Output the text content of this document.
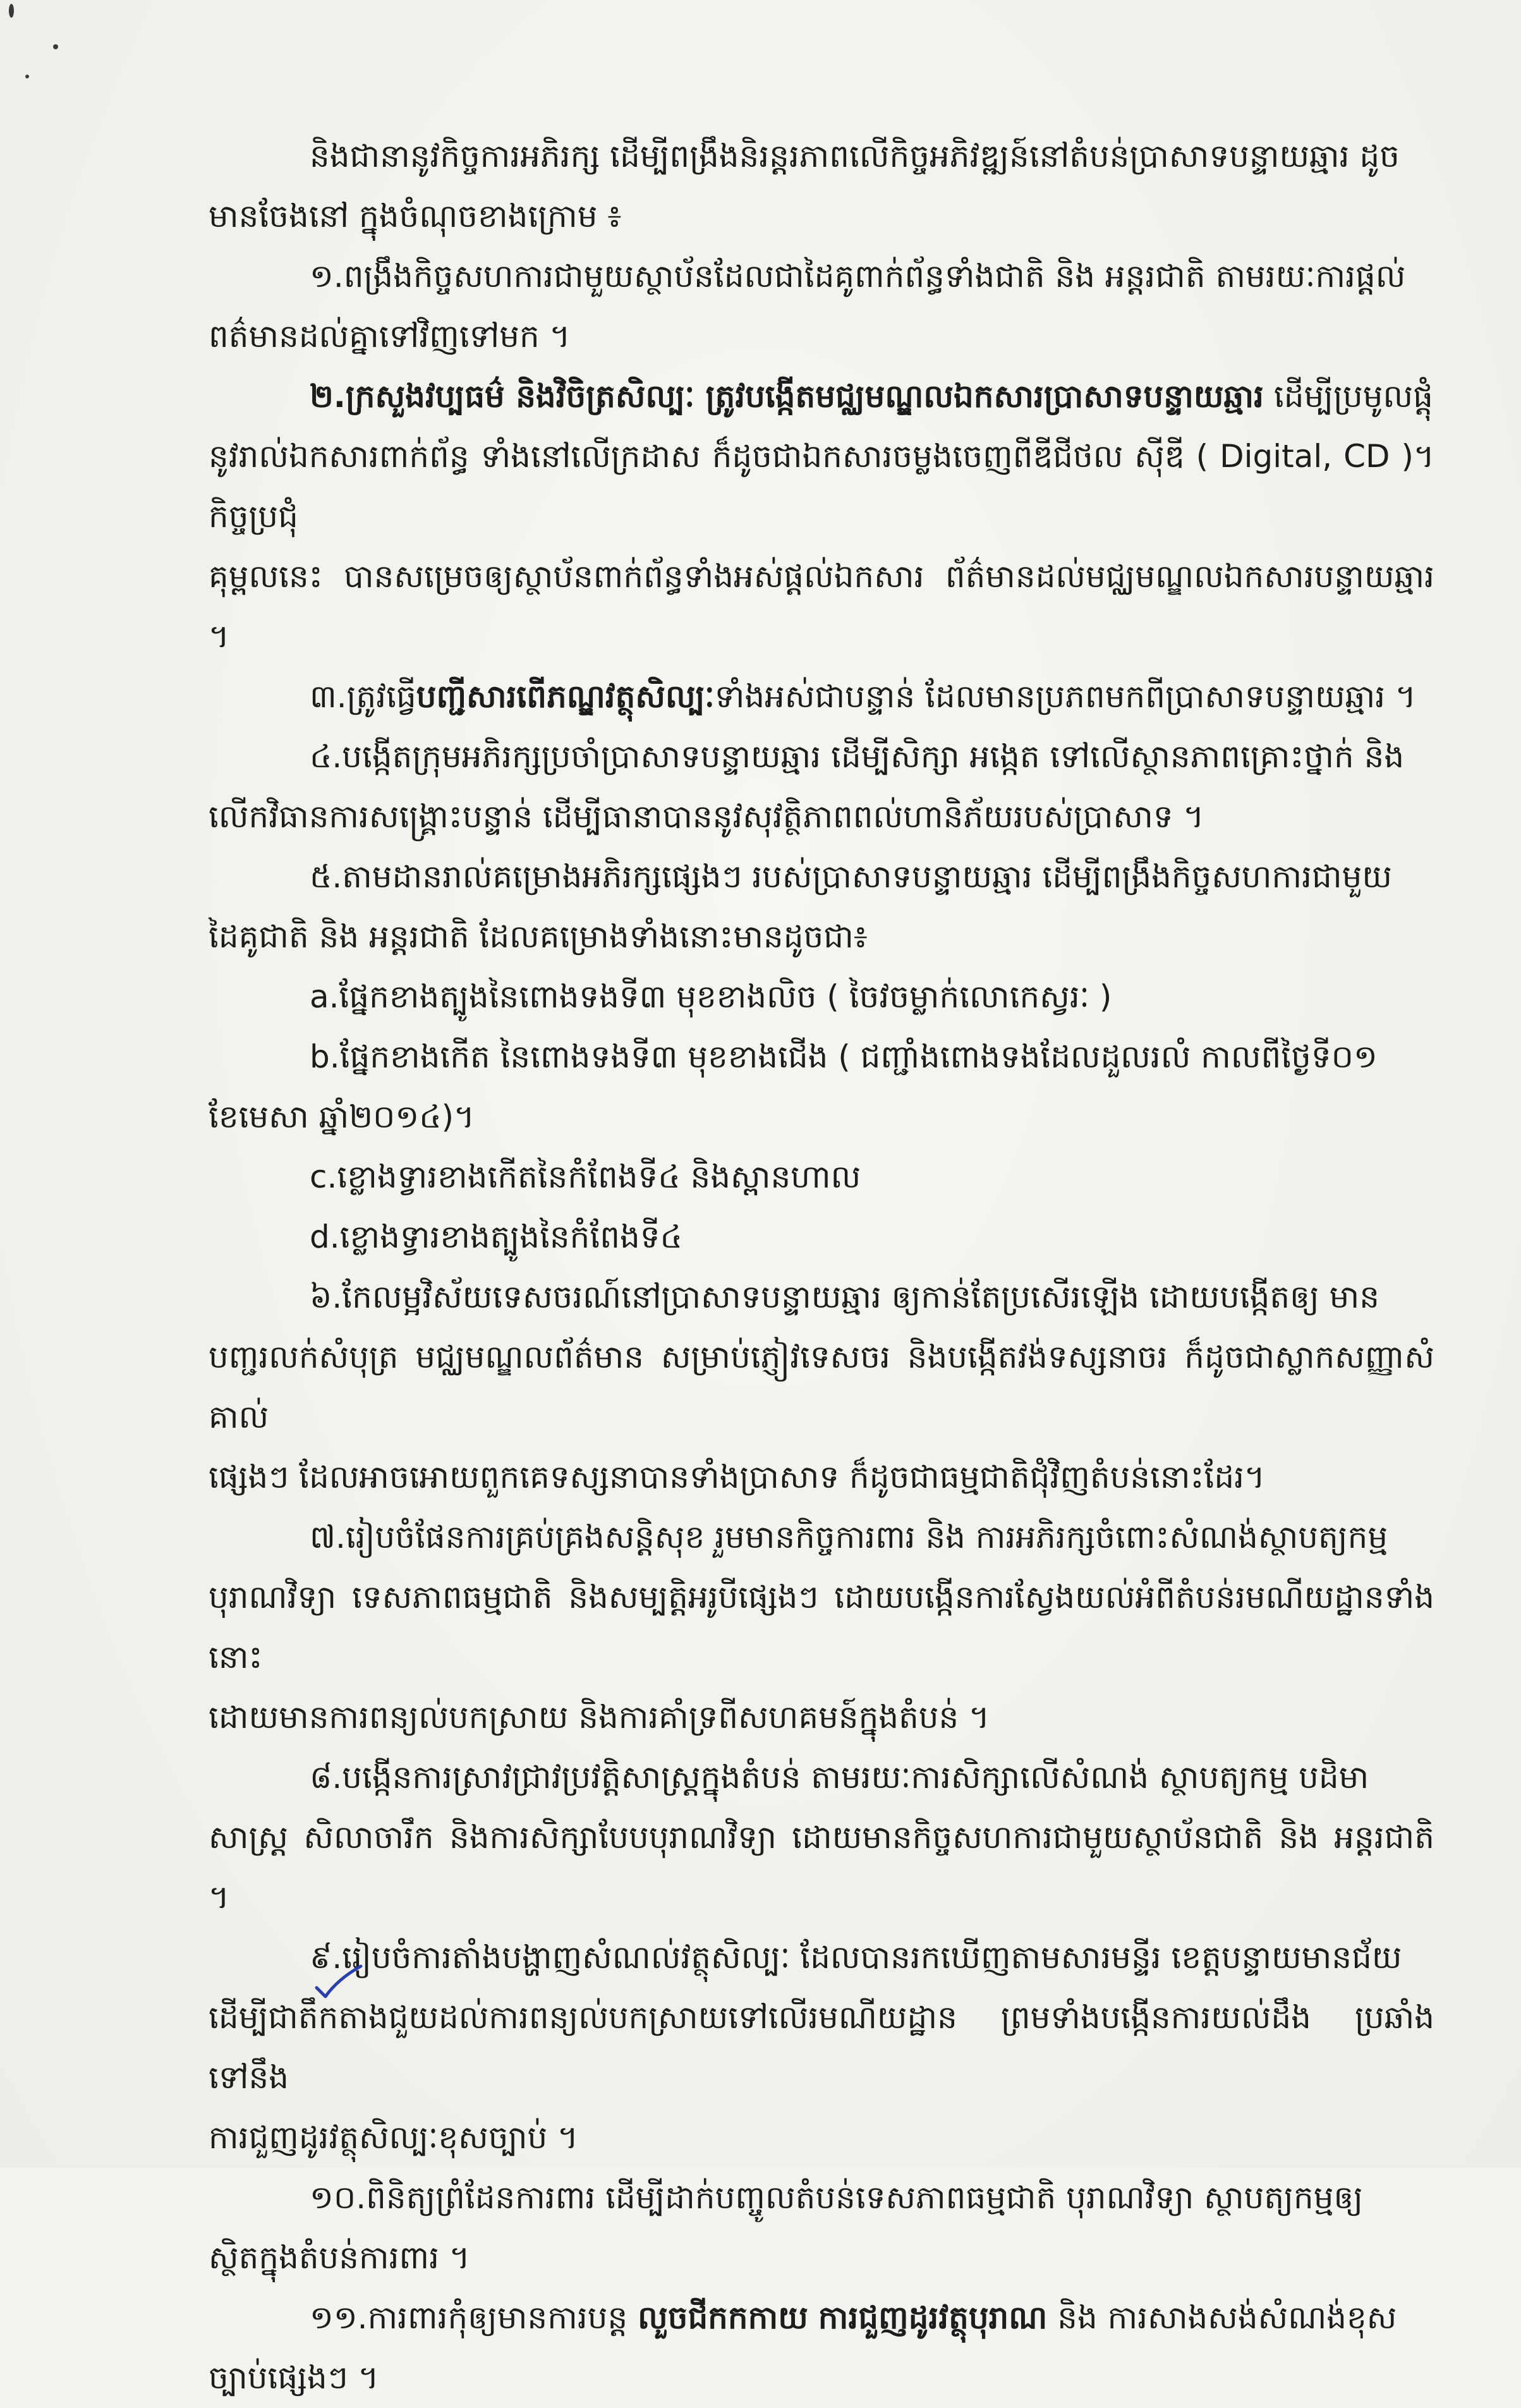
និងជានានូវកិច្ចការអភិរក្ស ដើម្បីពង្រឹងនិរន្តរភាពលើកិច្ចអភិវឌ្ឍន៍នៅតំបន់ប្រាសាទបន្ទាយឆ្មារ ដូច
មានចែងនៅ ក្នុងចំណុចខាងក្រោម ៖

១.ពង្រឹងកិច្ចសហការជាមួយស្ថាប័នដែលជាដៃគូពាក់ព័ន្ធទាំងជាតិ និង អន្តរជាតិ តាមរយៈការផ្តល់
ពត៌មានដល់គ្នាទៅវិញទៅមក ។

២.ក្រសួងវប្បធម៌ និងវិចិត្រសិល្បៈ ត្រូវបង្កើតមជ្ឈមណ្ឌលឯកសារប្រាសាទបន្ទាយឆ្មារ ដើម្បីប្រមូលផ្តុំ
នូវរាល់ឯកសារពាក់ព័ន្ធ ទាំងនៅលើក្រដាស ក៏ដូចជាឯកសារចម្លងចេញពីឌីជីថល ស៊ីឌី ( Digital, CD )។ កិច្ចប្រជុំ
គុម្ពលនេះ បានសម្រេចឲ្យស្ថាប័នពាក់ព័ន្ធទាំងអស់ផ្តល់ឯកសារ ព័ត៌មានដល់មជ្ឈមណ្ឌលឯកសារបន្ទាយឆ្មារ ។

៣.ត្រូវធ្វើបញ្ជីសារពើភណ្ឌវត្ថុសិល្បៈទាំងអស់ជាបន្ទាន់ ដែលមានប្រភពមកពីប្រាសាទបន្ទាយឆ្មារ ។

៤.បង្កើតក្រុមអភិរក្សប្រចាំប្រាសាទបន្ទាយឆ្មារ ដើម្បីសិក្សា អង្កេត ទៅលើស្ថានភាពគ្រោះថ្នាក់ និង
លើកវិធានការសង្គ្រោះបន្ទាន់ ដើម្បីធានាបាននូវសុវត្ថិភាពពល់ហានិភ័យរបស់ប្រាសាទ ។

៥.តាមដានរាល់គម្រោងអភិរក្សផ្សេងៗ របស់ប្រាសាទបន្ទាយឆ្មារ ដើម្បីពង្រឹងកិច្ចសហការជាមួយ
ដៃគូជាតិ និង អន្តរជាតិ ដែលគម្រោងទាំងនោះមានដូចជា៖

a.ផ្នែកខាងត្បូងនៃពោងទងទី៣ មុខខាងលិច ( ចៃវចម្លាក់លោកេស្វរៈ )

b.ផ្នែកខាងកើត នៃពោងទងទី៣ មុខខាងជើង ( ជញ្ជាំងពោងទងដែលដួលរលំ កាលពីថ្ងៃទី០១
ខែមេសា ឆ្នាំ២០១៤)។

c.ខ្លោងទ្វារខាងកើតនៃកំពែងទី៤ និងស្ពានហាល

d.ខ្លោងទ្វារខាងត្បូងនៃកំពែងទី៤

៦.កែលម្អវិស័យទេសចរណ៍នៅប្រាសាទបន្ទាយឆ្មារ ឲ្យកាន់តែប្រសើរឡើង ដោយបង្កើតឲ្យ មាន
បញ្ជរលក់សំបុត្រ មជ្ឈមណ្ឌលព័ត៌មាន សម្រាប់ភ្ញៀវទេសចរ និងបង្កើតវង់ទស្សនាចរ ក៏ដូចជាស្លាកសញ្ញាសំគាល់
ផ្សេងៗ ដែលអាចអោយពួកគេទស្សនាបានទាំងប្រាសាទ ក៏ដូចជាធម្មជាតិជុំវិញតំបន់នោះដែរ។

៧.រៀបចំផែនការគ្រប់គ្រងសន្តិសុខ រួមមានកិច្ចការពារ និង ការអភិរក្សចំពោះសំណង់ស្ថាបត្យកម្ម
បុរាណវិទ្យា ទេសភាពធម្មជាតិ និងសម្បត្តិអរូបីផ្សេងៗ ដោយបង្កើនការស្វែងយល់អំពីតំបន់រមណីយដ្ឋានទាំងនោះ
ដោយមានការពន្យល់បកស្រាយ និងការគាំទ្រពីសហគមន៍ក្នុងតំបន់ ។

៨.បង្កើនការស្រាវជ្រាវប្រវត្តិសាស្ត្រក្នុងតំបន់ តាមរយៈការសិក្សាលើសំណង់ ស្ថាបត្យកម្ម បដិមា
សាស្ត្រ សិលាចារឹក និងការសិក្សាបែបបុរាណវិទ្យា ដោយមានកិច្ចសហការជាមួយស្ថាប័នជាតិ និង អន្តរជាតិ ។

៩.រៀបចំការតាំងបង្ហាញសំណល់វត្ថុសិល្បៈ ដែលបានរកឃើញតាមសារមន្ទីរ ខេត្តបន្ទាយមានជ័យ
ដើម្បីជាតឹកតាងជួយដល់ការពន្យល់បកស្រាយទៅលើរមណីយដ្ឋាន ព្រមទាំងបង្កើនការយល់ដឹង ប្រឆាំងទៅនឹង
ការជួញដូរវត្ថុសិល្បៈខុសច្បាប់ ។

១០.ពិនិត្យព្រំដែនការពារ ដើម្បីដាក់បញ្ចូលតំបន់ទេសភាពធម្មជាតិ បុរាណវិទ្យា ស្ថាបត្យកម្មឲ្យ
ស្ថិតក្នុងតំបន់ការពារ ។

១១.ការពារកុំឲ្យមានការបន្ត លួចជីកកកាយ ការជួញដូរវត្ថុបុរាណ និង ការសាងសង់សំណង់ខុស
ច្បាប់ផ្សេងៗ ។
